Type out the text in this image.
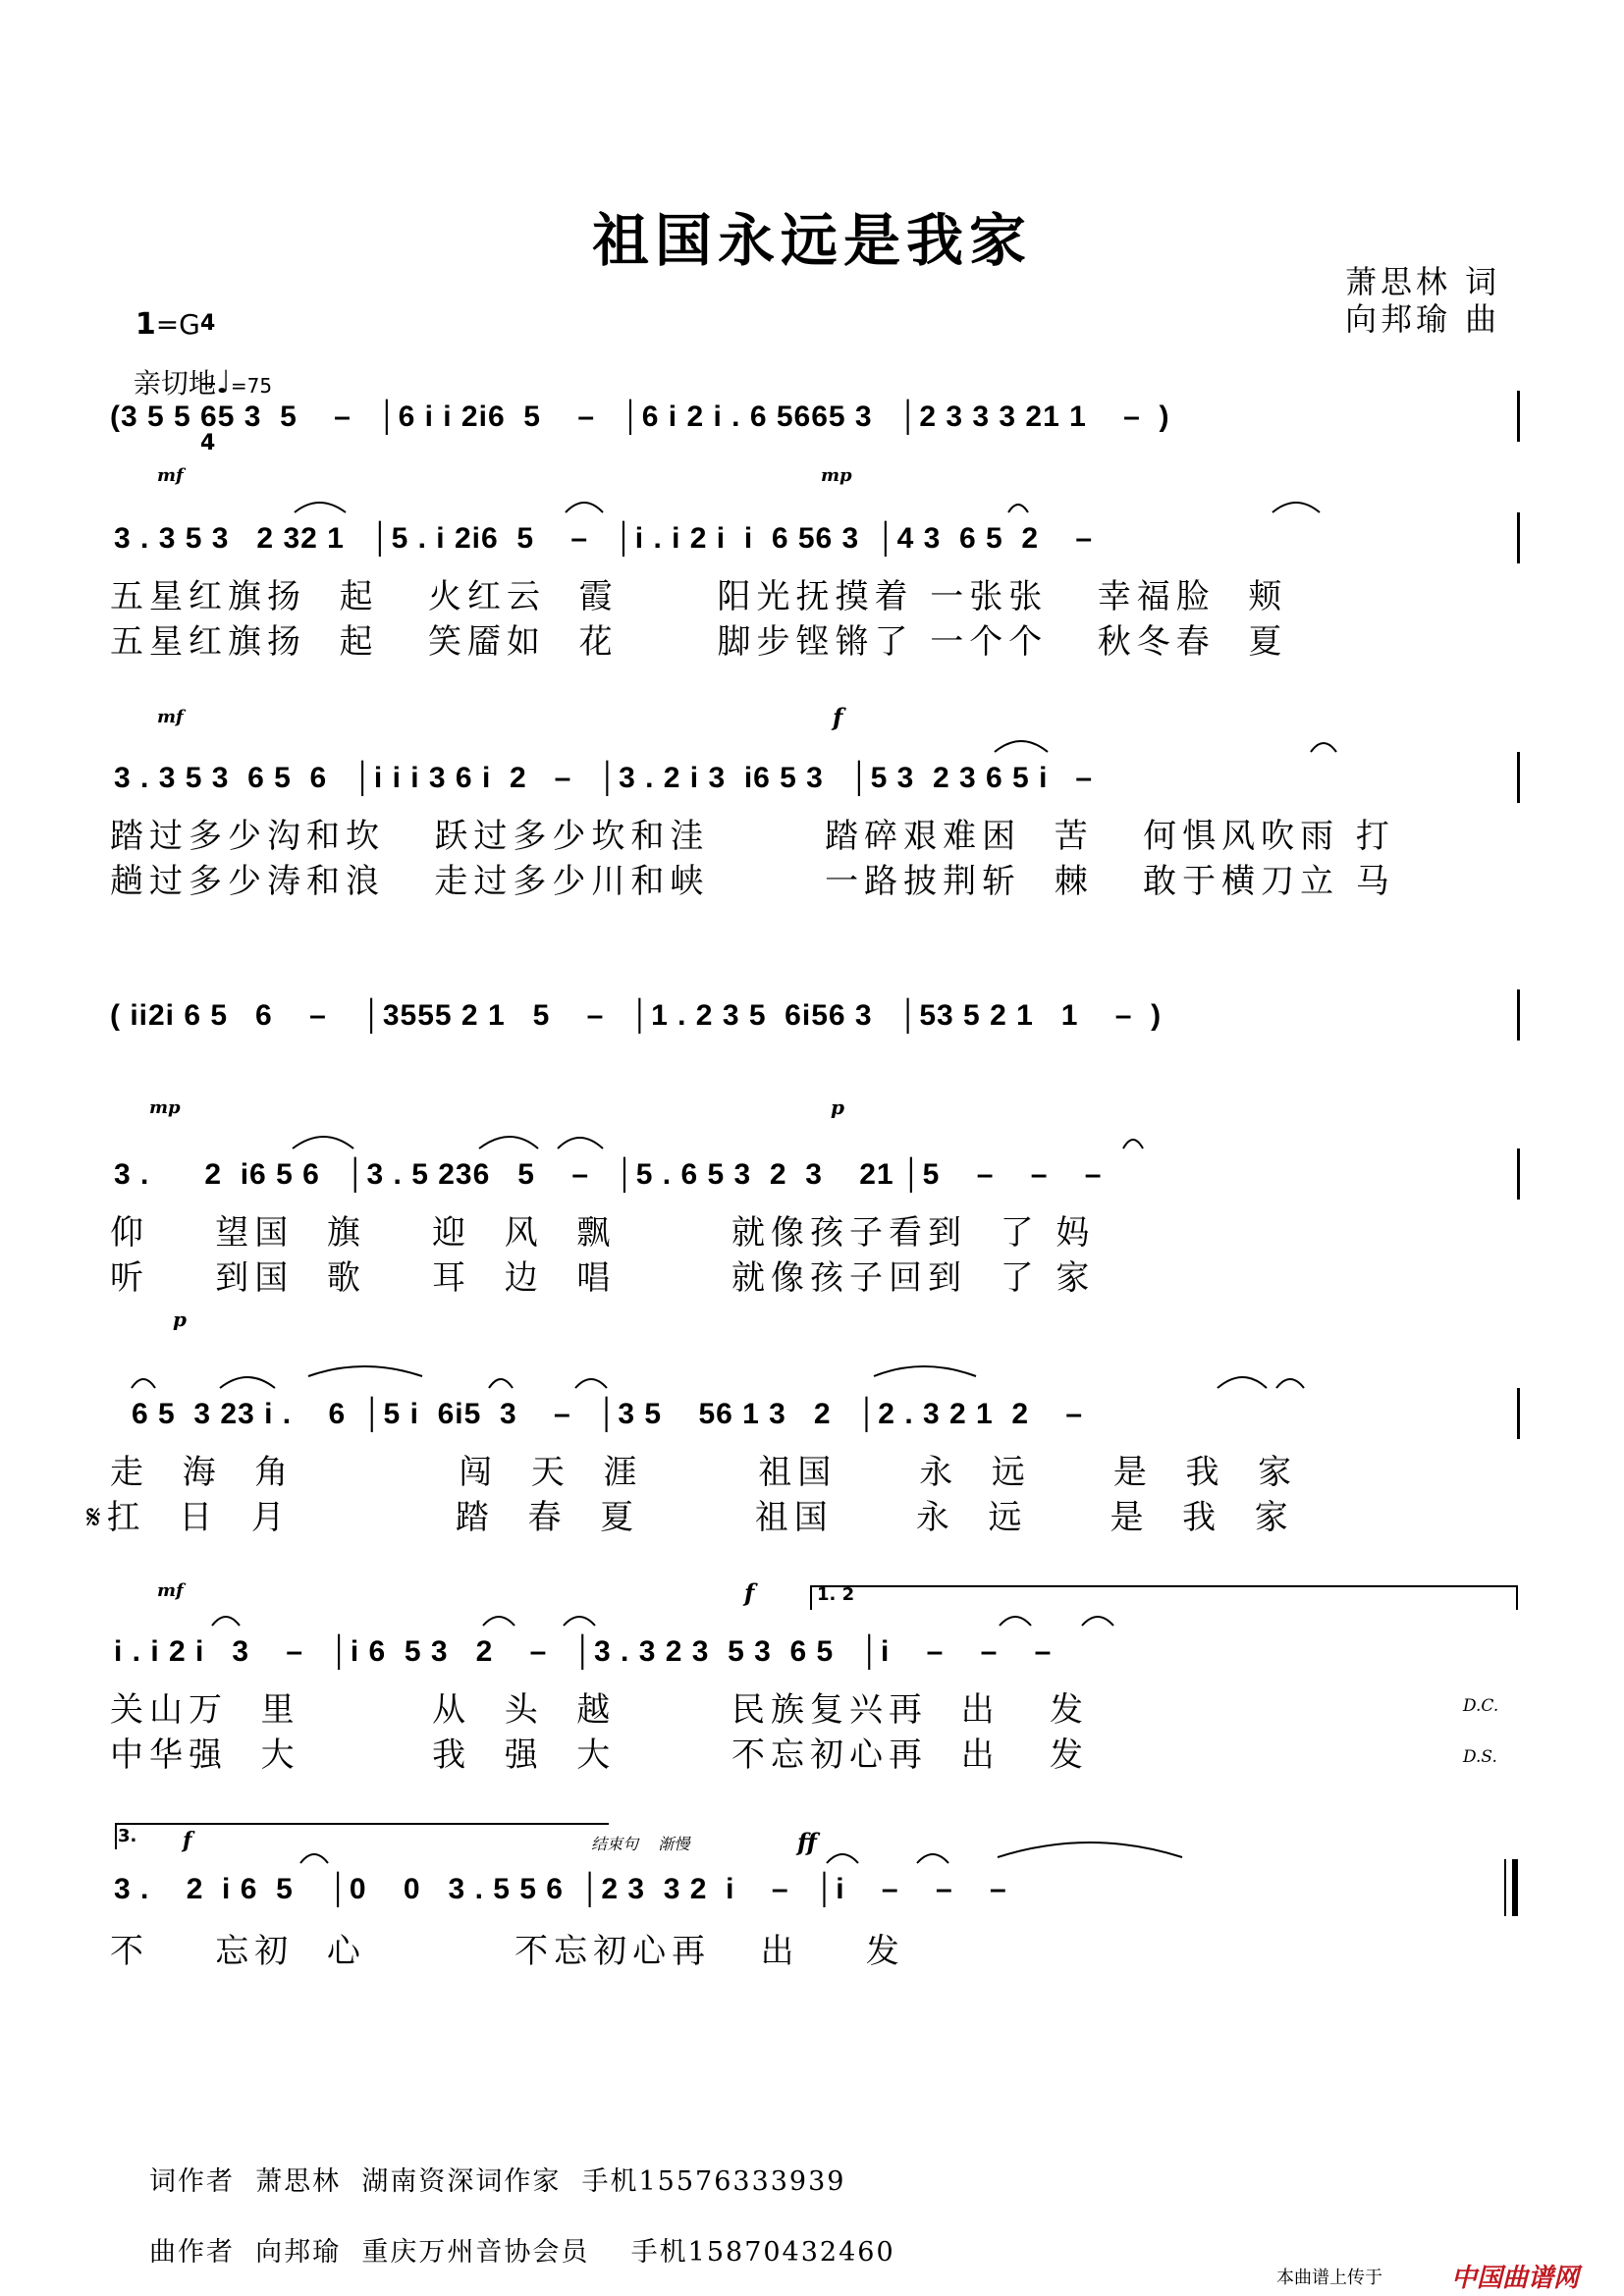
祖国永远是我家
萧思林 词
向邦瑜 曲

1=G

4

4

亲切地♩=75

(3 5 5 65 3  5    –   │6 i i 2i6  5    –   │6 i 2 i . 6 5665 3   │2 3 3 3 21 1    –  )
mf	mp
3 . 3 5 3   2 32 1   │5 . i 2i6  5    –   │i . i 2 i  i  6 56 3  │4 3  6 5  2    –
五星红旗扬  起   火红云  霞      阳光抚摸着 一张张   幸福脸  颊
五星红旗扬  起   笑靥如  花      脚步铿锵了 一个个   秋冬春  夏
mf	f
3 . 3 5 3  6 5  6   │i i i 3 6 i  2   –   │3 . 2 i 3  i6 5 3   │5 3  2 3 6 5 i   –
踏过多少沟和坎   跃过多少坎和洼       踏碎艰难困  苦   何惧风吹雨 打
趟过多少涛和浪   走过多少川和峡       一路披荆斩  棘   敢于横刀立 马
( ii2i 6 5   6    –    │3555 2 1   5    –   │1 . 2 3 5  6i56 3   │53 5 2 1   1    –  )
mp	p
3 .      2  i6 5 6   │3 . 5 236   5    –   │5 . 6 5 3  2  3    21 │5    –    –    –
仰    望国  旗    迎  风  飘       就像孩子看到  了 妈
听    到国  歌    耳  边  唱       就像孩子回到  了 家
p
6 5  3 23 i .    6  │5 i  6i5  3    –   │3 5    56 1 3   2   │2 . 3 2 1  2    –
走  海  角          闯  天  涯       祖国     永  远     是  我  家
𝄋扛  日  月          踏  春  夏       祖国     永  远     是  我  家
mf	f	1. 2
i . i 2 i   3    –   │i 6  5 3   2    –   │3 . 3 2 3  5 3  6 5   │i    –    –    –
关山万  里        从  头  越       民族复兴再  出   发
中华强  大        我  强  大       不忘初心再  出   发
D.C.
D.S.
3. f	结束句    渐慢	ff
3 .    2  i 6  5    │0    0   3 . 5 5 6  │2 3  3 2  i    –   │i    –    –    –
不    忘初  心         不忘初心再   出    发
词作者  萧思林  湖南资深词作家  手机15576333939
曲作者  向邦瑜  重庆万州音协会员    手机15870432460
本曲谱上传于	中国曲谱网
